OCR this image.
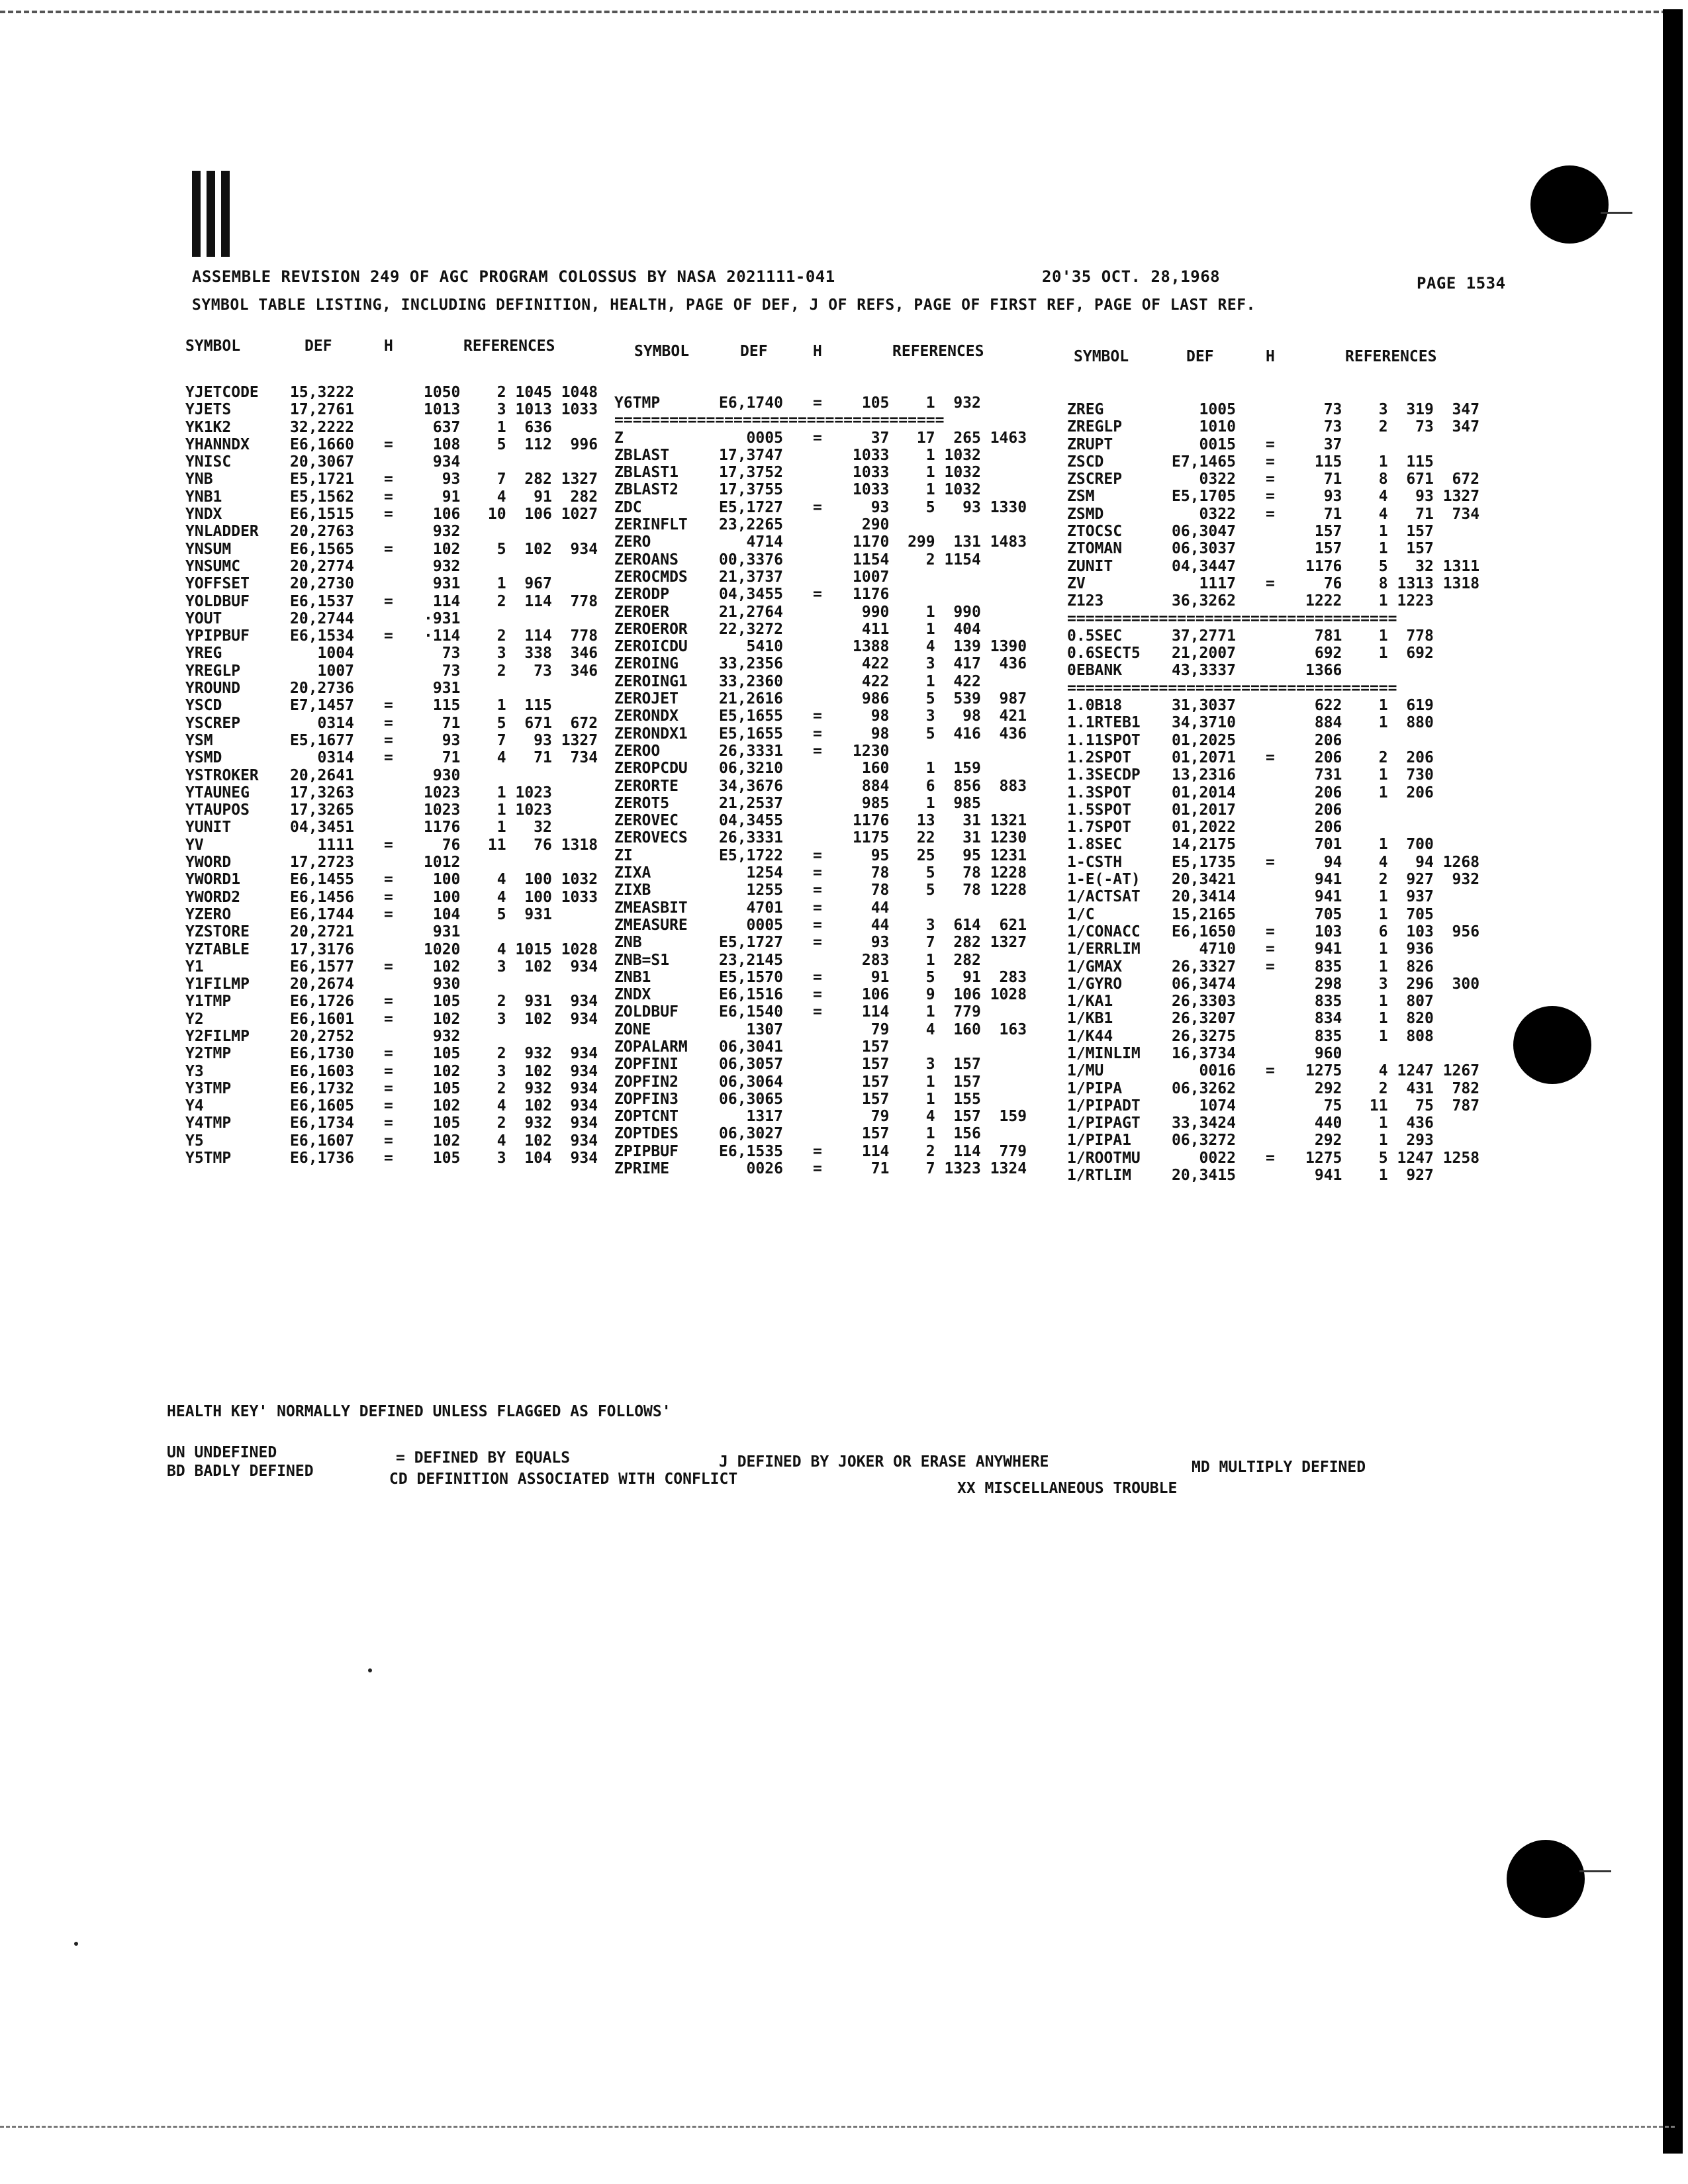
ASSEMBLE REVISION 249 OF AGC PROGRAM COLOSSUS BY NASA 2021111-041	20'35 OCT. 28,1968	PAGE 1534
SYMBOL TABLE LISTING, INCLUDING DEFINITION, HEALTH, PAGE OF DEF, J OF REFS, PAGE OF FIRST REF, PAGE OF LAST REF.
SYMBOL	DEF	H	REFERENCES
YJETCODE 15,3222	1050    2 1045 1048
YJETS	17,2761	1013    3 1013 1033
YK1K2	32,2222	637    1  636
YHANNDX	E6,1660 = 108    5  112  996
YNISC	20,3067	934
YNB	E5,1721 = 93    7  282 1327
YNB1	E5,1562 = 91    4   91  282
YNDX	E6,1515 = 106   10  106 1027
YNLADDER 20,2763	932
YNSUM	E6,1565 = 102    5  102  934
YNSUMC	20,2774	932
YOFFSET	20,2730	931    1  967
YOLDBUF	E6,1537 = 114    2  114  778
YOUT	20,2744	·931
YPIPBUF	E6,1534 = ·114    2  114  778
YREG	1004	73    3  338  346
YREGLP	1007	73    2   73  346
YROUND	20,2736	931
YSCD	E7,1457 = 115    1  115
YSCREP	0314 = 71    5  671  672
YSM	E5,1677 = 93    7   93 1327
YSMD	0314 = 71    4   71  734
YSTROKER 20,2641	930
YTAUNEG	17,3263	1023    1 1023
YTAUPOS	17,3265	1023    1 1023
YUNIT	04,3451	1176    1   32
YV	1111 = 76   11   76 1318
YWORD	17,2723	1012
YWORD1	E6,1455 = 100    4  100 1032
YWORD2	E6,1456 = 100    4  100 1033
YZERO	E6,1744 = 104    5  931
YZSTORE	20,2721	931
YZTABLE	17,3176	1020    4 1015 1028
Y1	E6,1577 = 102    3  102  934
Y1FILMP	20,2674	930
Y1TMP	E6,1726 = 105    2  931  934
Y2	E6,1601 = 102    3  102  934
Y2FILMP	20,2752	932
Y2TMP	E6,1730 = 105    2  932  934
Y3	E6,1603 = 102    3  102  934
Y3TMP	E6,1732 = 105    2  932  934
Y4	E6,1605 = 102    4  102  934
Y4TMP	E6,1734 = 105    2  932  934
Y5	E6,1607 = 102    4  102  934
Y5TMP	E6,1736 = 105    3  104  934
SYMBOL	DEF	H	REFERENCES
Y6TMP	E6,1740 = 105    1  932
====================================
Z	0005 = 37   17  265 1463
ZBLAST	17,3747	1033    1 1032
ZBLAST1	17,3752	1033    1 1032
ZBLAST2	17,3755	1033    1 1032
ZDC	E5,1727 = 93    5   93 1330
ZERINFLT 23,2265	290
ZERO	4714	1170  299  131 1483
ZEROANS	00,3376	1154    2 1154
ZEROCMDS 21,3737	1007
ZERODP	04,3455 = 1176
ZEROER	21,2764	990    1  990
ZEROEROR 22,3272	411    1  404
ZEROICDU 5410	1388    4  139 1390
ZEROING	33,2356	422    3  417  436
ZEROING1 33,2360	422    1  422
ZEROJET	21,2616	986    5  539  987
ZERONDX	E5,1655 = 98    3   98  421
ZERONDX1 E5,1655 = 98    5  416  436
ZEROO	26,3331 = 1230
ZEROPCDU 06,3210	160    1  159
ZERORTE	34,3676	884    6  856  883
ZEROT5	21,2537	985    1  985
ZEROVEC	04,3455	1176   13   31 1321
ZEROVECS 26,3331	1175   22   31 1230
ZI	E5,1722 = 95   25   95 1231
ZIXA	1254 = 78    5   78 1228
ZIXB	1255 = 78    5   78 1228
ZMEASBIT 4701 = 44
ZMEASURE 0005 = 44    3  614  621
ZNB	E5,1727 = 93    7  282 1327
ZNB=S1	23,2145	283    1  282
ZNB1	E5,1570 = 91    5   91  283
ZNDX	E6,1516 = 106    9  106 1028
ZOLDBUF	E6,1540 = 114    1  779
ZONE	1307	79    4  160  163
ZOPALARM 06,3041	157
ZOPFINI	06,3057	157    3  157
ZOPFIN2	06,3064	157    1  157
ZOPFIN3	06,3065	157    1  155
ZOPTCNT	1317	79    4  157  159
ZOPTDES	06,3027	157    1  156
ZPIPBUF	E6,1535 = 114    2  114  779
ZPRIME	0026 = 71    7 1323 1324
SYMBOL	DEF	H	REFERENCES
ZREG	1005	73    3  319  347
ZREGLP	1010	73    2   73  347
ZRUPT	0015 = 37
ZSCD	E7,1465 = 115    1  115
ZSCREP	0322 = 71    8  671  672
ZSM	E5,1705 = 93    4   93 1327
ZSMD	0322 = 71    4   71  734
ZTOCSC	06,3047	157    1  157
ZTOMAN	06,3037	157    1  157
ZUNIT	04,3447	1176    5   32 1311
ZV	1117 = 76    8 1313 1318
Z123	36,3262	1222    1 1223
====================================
0.5SEC	37,2771	781    1  778
0.6SECT5 21,2007	692    1  692
0EBANK	43,3337	1366
====================================
1.0B18	31,3037	622    1  619
1.1RTEB1 34,3710	884    1  880
1.11SPOT 01,2025	206
1.2SPOT	01,2071 = 206    2  206
1.3SECDP 13,2316	731    1  730
1.3SPOT	01,2014	206    1  206
1.5SPOT	01,2017	206
1.7SPOT	01,2022	206
1.8SEC	14,2175	701    1  700
1-CSTH	E5,1735 = 94    4   94 1268
1-E(-AT) 20,3421	941    2  927  932
1/ACTSAT 20,3414	941    1  937
1/C	15,2165	705    1  705
1/CONACC E6,1650 = 103    6  103  956
1/ERRLIM 4710 = 941    1  936
1/GMAX	26,3327 = 835    1  826
1/GYRO	06,3474	298    3  296  300
1/KA1	26,3303	835    1  807
1/KB1	26,3207	834    1  820
1/K44	26,3275	835    1  808
1/MINLIM 16,3734	960
1/MU	0016 = 1275    4 1247 1267
1/PIPA	06,3262	292    2  431  782
1/PIPADT 1074	75   11   75  787
1/PIPAGT 33,3424	440    1  436
1/PIPA1	06,3272	292    1  293
1/ROOTMU 0022 = 1275    5 1247 1258
1/RTLIM	20,3415	941    1  927
HEALTH KEY' NORMALLY DEFINED UNLESS FLAGGED AS FOLLOWS'
UN UNDEFINED	= DEFINED BY EQUALS	J DEFINED BY JOKER OR ERASE ANYWHERE	MD MULTIPLY DEFINED
BD BADLY DEFINED	CD DEFINITION ASSOCIATED WITH CONFLICT
XX MISCELLANEOUS TROUBLE
